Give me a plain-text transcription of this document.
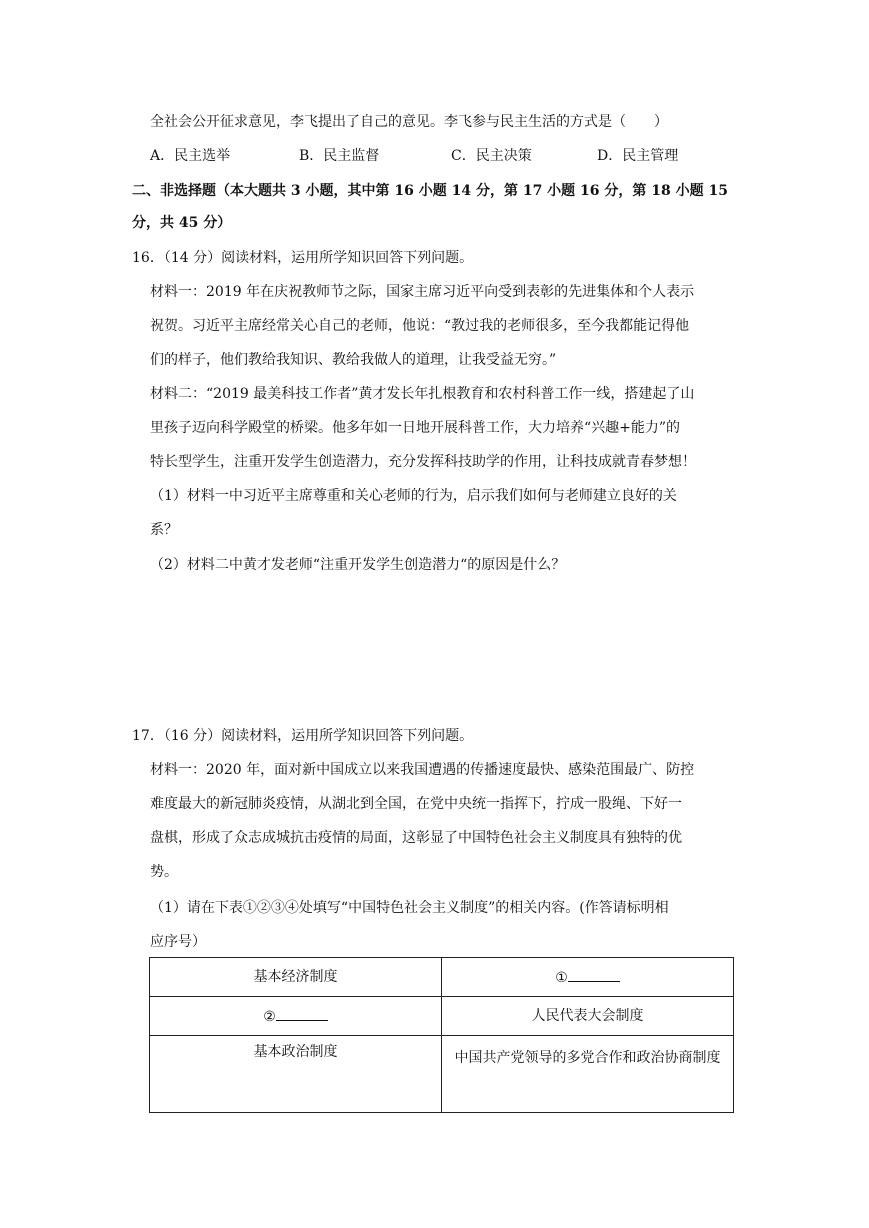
全社会公开征求意见，李飞提出了自己的意见。李飞参与民主生活的方式是（　　）
A．民主选举	B．民主监督	C．民主决策	D．民主管理
二、非选择题（本大题共 3 小题，其中第 16 小题 14 分，第 17 小题 16 分，第 18 小题 15
分，共 45 分）
16．（14 分）阅读材料，运用所学知识回答下列问题。
材料一：2019 年在庆祝教师节之际，国家主席习近平向受到表彰的先进集体和个人表示
祝贺。习近平主席经常关心自己的老师，他说：“教过我的老师很多，至今我都能记得他
们的样子，他们教给我知识、教给我做人的道理，让我受益无穷。”
材料二：“2019 最美科技工作者”黄才发长年扎根教育和农村科普工作一线，搭建起了山
里孩子迈向科学殿堂的桥梁。他多年如一日地开展科普工作，大力培养“兴趣+能力”的
特长型学生，注重开发学生创造潜力，充分发挥科技助学的作用，让科技成就青春梦想！
（1）材料一中习近平主席尊重和关心老师的行为，启示我们如何与老师建立良好的关
系？
（2）材料二中黄才发老师“注重开发学生创造潜力“的原因是什么？
17．（16 分）阅读材料，运用所学知识回答下列问题。
材料一：2020 年，面对新中国成立以来我国遭遇的传播速度最快、感染范围最广、防控
难度最大的新冠肺炎疫情，从湖北到全国，在党中央统一指挥下，拧成一股绳、下好一
盘棋，形成了众志成城抗击疫情的局面，这彰显了中国特色社会主义制度具有独特的优
势。
（1）请在下表①②③④处填写“中国特色社会主义制度”的相关内容。(作答请标明相
应序号）
基本经济制度	①
②	人民代表大会制度
基本政治制度	中国共产党领导的多党合作和政治协商制度
